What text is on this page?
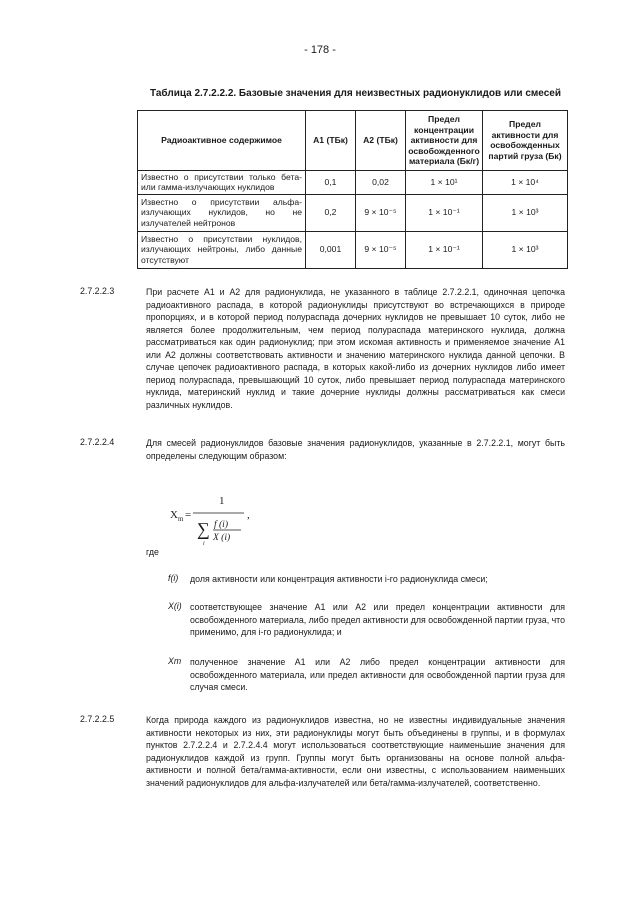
- 178 -
Таблица 2.7.2.2.2. Базовые значения для неизвестных радионуклидов или смесей
Радиоактивное содержимое	A1 (ТБк)	A2 (ТБк)	Предел концентрации активности для освобожденного материала (Бк/г)	Предел активности для освобожденных партий груза (Бк)
Известно о присутствии только бета- или гамма-излучающих нуклидов	0,1	0,02	1 × 10¹	1 × 10⁴
Известно о присутствии альфа-излучающих нуклидов, но не излучателей нейтронов	0,2	9 × 10⁻⁵	1 × 10⁻¹	1 × 10³
Известно о присутствии нуклидов, излучающих нейтроны, либо данные отсутствуют	0,001	9 × 10⁻⁵	1 × 10⁻¹	1 × 10³
2.7.2.2.3	При расчете A1 и A2 для радионуклида, не указанного в таблице 2.7.2.2.1, одиночная цепочка радиоактивного распада, в которой радионуклиды присутствуют во встречающихся в природе пропорциях, и в которой период полураспада дочерних нуклидов не превышает 10 суток, либо не является более продолжительным, чем период полураспада материнского нуклида, должна рассматриваться как один радионуклид; при этом искомая активность и применяемое значение A1 или A2 должны соответствовать активности и значению материнского нуклида данной цепочки. В случае цепочек радиоактивного распада, в которых какой-либо из дочерних нуклидов либо имеет период полураспада, превышающий 10 суток, либо превышает период полураспада материнского нуклида, материнский нуклид и такие дочерние нуклиды должны рассматриваться как смеси различных нуклидов.
2.7.2.2.4	Для смесей радионуклидов базовые значения радионуклидов, указанные в 2.7.2.2.1, могут быть определены следующим образом:
X m =
1
∑
i
f (i)
X (i)
,
где
f(i) доля активности или концентрация активности i-го радионуклида смеси;
X(i) соответствующее значение A1 или A2 или предел концентрации активности для освобожденного материала, либо предел активности для освобожденной партии груза, что применимо, для i-го радионуклида; и
Xm полученное значение A1 или A2 либо предел концентрации активности для освобожденного материала, или предел активности для освобожденной партии груза для случая смеси.
2.7.2.2.5	Когда природа каждого из радионуклидов известна, но не известны индивидуальные значения активности некоторых из них, эти радионуклиды могут быть объединены в группы, и в формулах пунктов 2.7.2.2.4 и 2.7.2.4.4 могут использоваться соответствующие наименьшие значения для радионуклидов каждой из групп. Группы могут быть организованы на основе полной альфа-активности и полной бета/гамма-активности, если они известны, с использованием наименьших значений радионуклидов для альфа-излучателей или бета/гамма-излучателей, соответственно.
